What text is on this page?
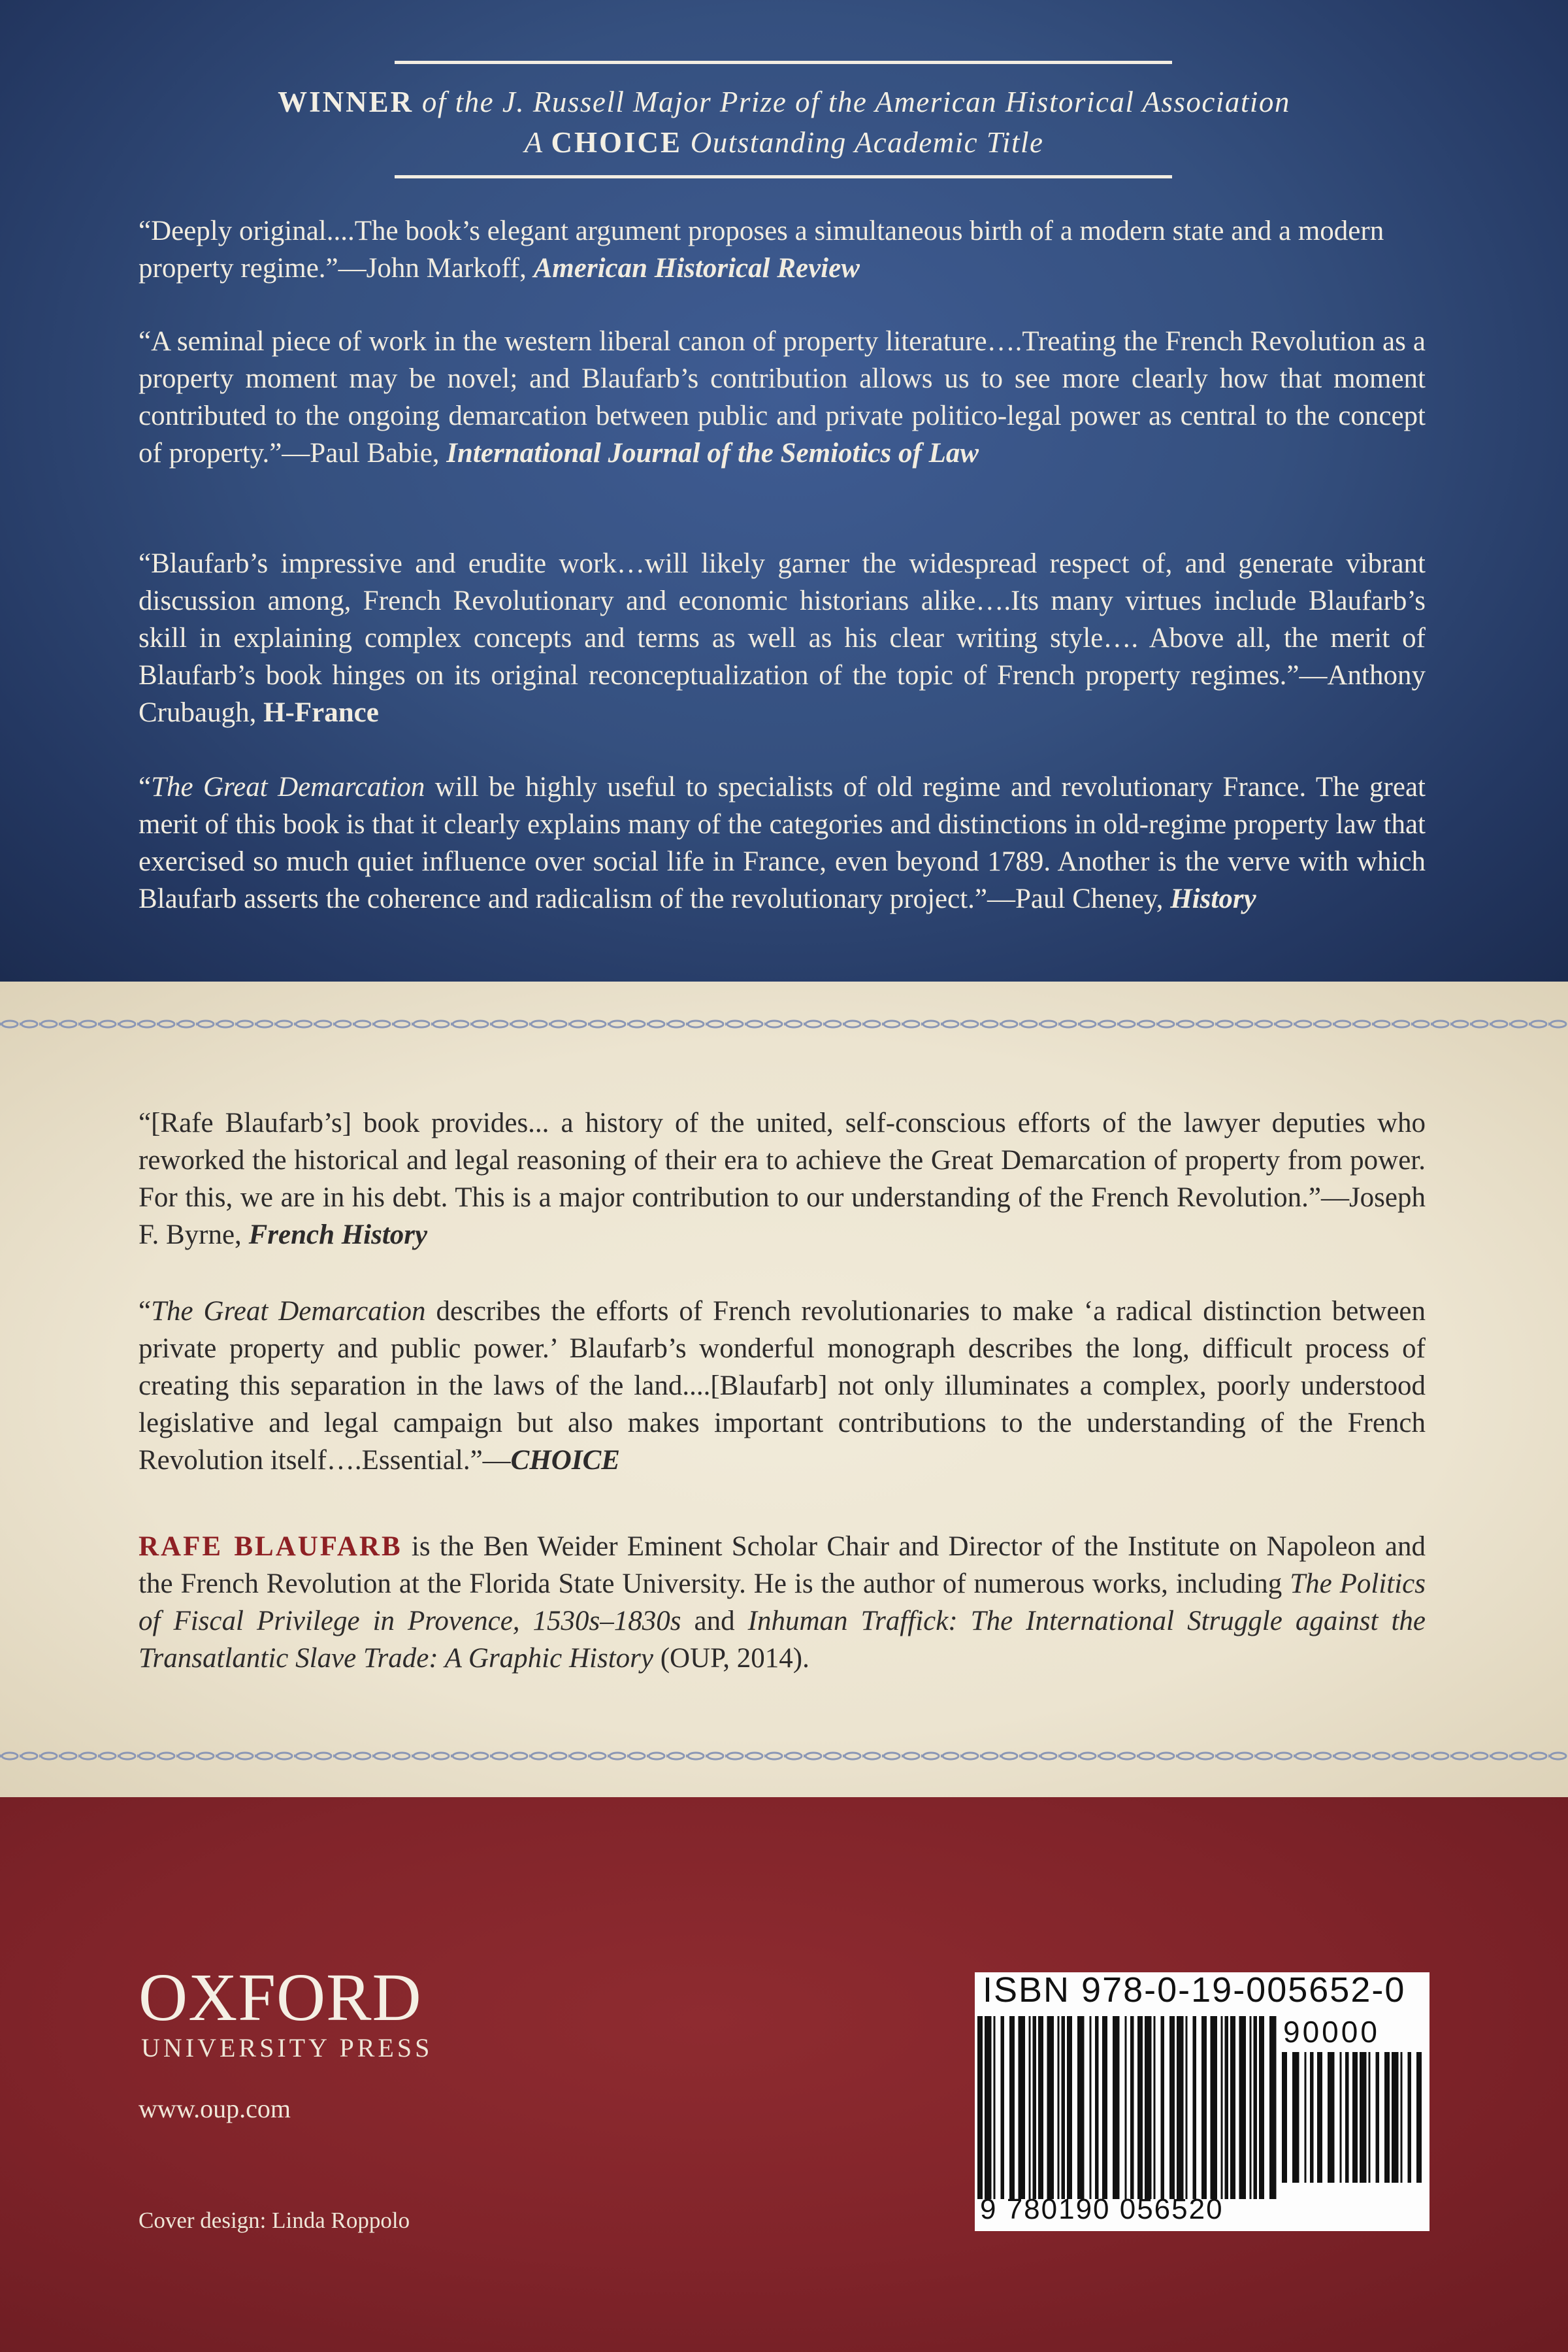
WINNER of the J. Russell Major Prize of the American Historical Association
A CHOICE Outstanding Academic Title

“Deeply original....The book’s elegant argument proposes a simultaneous birth of a modern state and a modern property regime.”—John Markoff, American Historical Review

“A seminal piece of work in the western liberal canon of property literature….Treating the French Revolution as a property moment may be novel; and Blaufarb’s contribution allows us to see more clearly how that moment contributed to the ongoing demarcation between public and private politico-legal power as central to the concept of property.”—Paul Babie, International Journal of the Semiotics of Law

“Blaufarb’s impressive and erudite work…will likely garner the widespread respect of, and generate vibrant discussion among, French Revolutionary and economic historians alike….Its many virtues include Blaufarb’s skill in explaining complex concepts and terms as well as his clear writing style…. Above all, the merit of Blaufarb’s book hinges on its original reconceptualization of the topic of French property regimes.”—Anthony Crubaugh, H-France

“The Great Demarcation will be highly useful to specialists of old regime and revolutionary France. The great merit of this book is that it clearly explains many of the categories and distinctions in old-regime property law that exercised so much quiet influence over social life in France, even beyond 1789. Another is the verve with which Blaufarb asserts the coherence and radicalism of the revolutionary project.”—Paul Cheney, History

“[Rafe Blaufarb’s] book provides... a history of the united, self-conscious efforts of the lawyer deputies who reworked the historical and legal reasoning of their era to achieve the Great Demarcation of property from power. For this, we are in his debt. This is a major contribution to our understanding of the French Revolution.”—Joseph F. Byrne, French History

“The Great Demarcation describes the efforts of French revolutionaries to make ‘a radical distinction between private property and public power.’ Blaufarb’s wonderful monograph describes the long, difficult process of creating this separation in the laws of the land....[Blaufarb] not only illuminates a complex, poorly understood legislative and legal campaign but also makes important contributions to the understanding of the French Revolution itself….Essential.”—CHOICE

RAFE BLAUFARB is the Ben Weider Eminent Scholar Chair and Director of the Institute on Napoleon and the French Revolution at the Florida State University. He is the author of numerous works, including The Politics of Fiscal Privilege in Provence, 1530s–1830s and Inhuman Traffick: The International Struggle against the Transatlantic Slave Trade: A Graphic History (OUP, 2014).

OXFORD
UNIVERSITY PRESS
www.oup.com
Cover design: Linda Roppolo
ISBN 978-0-19-005652-0
90000
9 780190 056520
